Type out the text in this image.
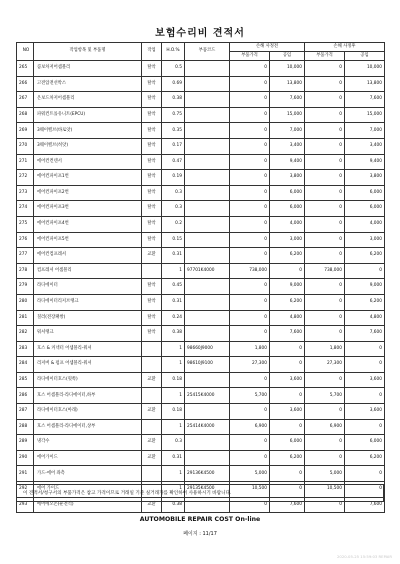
보험수리비 견적서
NO	작업항목 및 부품명	작업	H.O.%	부품코드	손해 사정전		손해 사정후	
					부품가격	공임	부품가격	공임
265	콤보차저어셈블리	탈착	0.5		0	10,000	0	10,000
266	고전압전선박스	탈착	0.69		0	13,800	0	13,800
267	온보드차저어셈블리	탈착	0.38		0	7,600	0	7,600
268	파워컨트롤유니트(EPCU)	탈착	0.75		0	15,000	0	15,000
269	3웨이밸브(바로앗)	탈착	0.35		0	7,000	0	7,000
270	3웨이밸브(히앗)	탈착	0.17		0	3,400	0	3,400
271	에어컨컨덴서	탈착	0.47		0	9,400	0	9,400
272	에어컨파이프1번	탈착	0.19		0	3,800	0	3,800
273	에어컨파이프2번	탈착	0.3		0	6,000	0	6,000
274	에어컨파이프3번	탈착	0.3		0	6,000	0	6,000
275	에어컨파이프4번	탈착	0.2		0	4,000	0	4,000
276	에어컨파이프5번	탈착	0.15		0	3,000	0	3,000
277	에어컨컴프레셔	교환	0.31		0	6,200	0	6,200
278	컴프레셔 어셈블리		1	97701K4000	738,000	0	738,000	0
279	라디에이터	탈착	0.45		0	9,000	0	9,000
280	라디에이터리저브탱크	탈착	0.31		0	6,200	0	6,200
281	칠러(전장패쌍)	탈착	0.24		0	4,800	0	4,800
282	워셔탱크	탈착	0.38		0	7,600	0	7,600
283	호스 & 커넥터 어셈블리-워셔		1	98660J9000	1,800	0	1,800	0
284	리저버 & 펌프 어셈블리-워셔		1	98610J9100	27,300	0	27,300	0
285	라디에이터호스(윗쪽)	교환	0.18		0	3,600	0	3,600
286	호스 어셈블리-라디에이터,하부		1	25415K4000	5,700	0	5,700	0
287	라디에이터호스(아래)	교환	0.18		0	3,600	0	3,600
288	호스 어셈블리-라디에이터,상부		1	25414K4000	6,900	0	6,900	0
289	냉각수	교환	0.3		0	6,000	0	6,000
290	에어가이드	교환	0.31		0	6,200	0	6,200
291	가드-에어 좌측		1	29136K4500	5,000	0	5,000	0
292	에어 가이드		1	29135K4500	10,500	0	10,500	0
293	에어에오콘(운전석)	교환	0.38		0	7,600	0	7,600
이 견적서/청구서의 부품가격은 참고 가격이므로 거래일 기준 실거래가를 확인하여 사용하시기 바랍니다.
AUTOMOBILE REPAIR COST On-line
페이지 : 11/17
2020-05-25 15:59:03 REPAIR
